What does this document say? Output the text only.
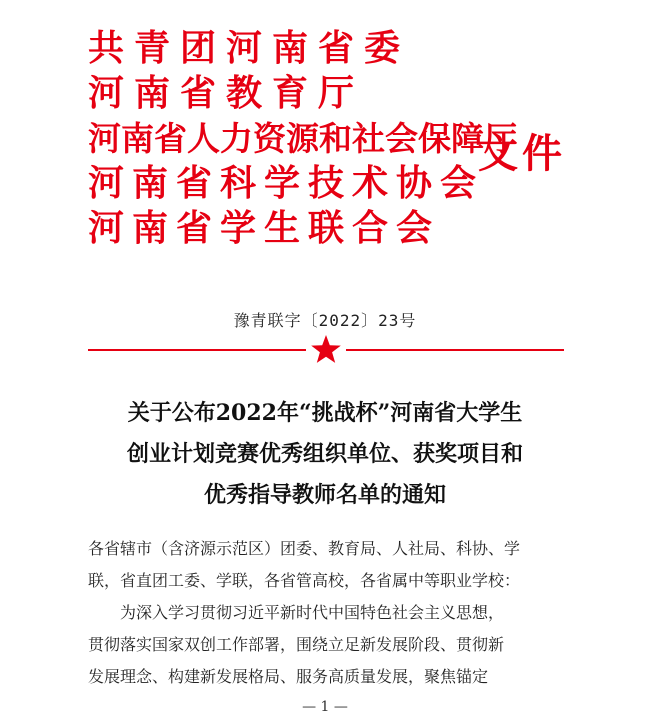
共青团河南省委
河南省教育厅
河南省人力资源和社会保障厅
河南省科学技术协会
河南省学生联合会
文件
豫青联字〔2022〕23号
关于公布2022年“挑战杯”河南省大学生
创业计划竞赛优秀组织单位、获奖项目和
优秀指导教师名单的通知
各省辖市（含济源示范区）团委、教育局、人社局、科协、学
联，省直团工委、学联，各省管高校，各省属中等职业学校：
为深入学习贯彻习近平新时代中国特色社会主义思想，
贯彻落实国家双创工作部署，围绕立足新发展阶段、贯彻新
发展理念、构建新发展格局、服务高质量发展，聚焦锚定
— 1 —
